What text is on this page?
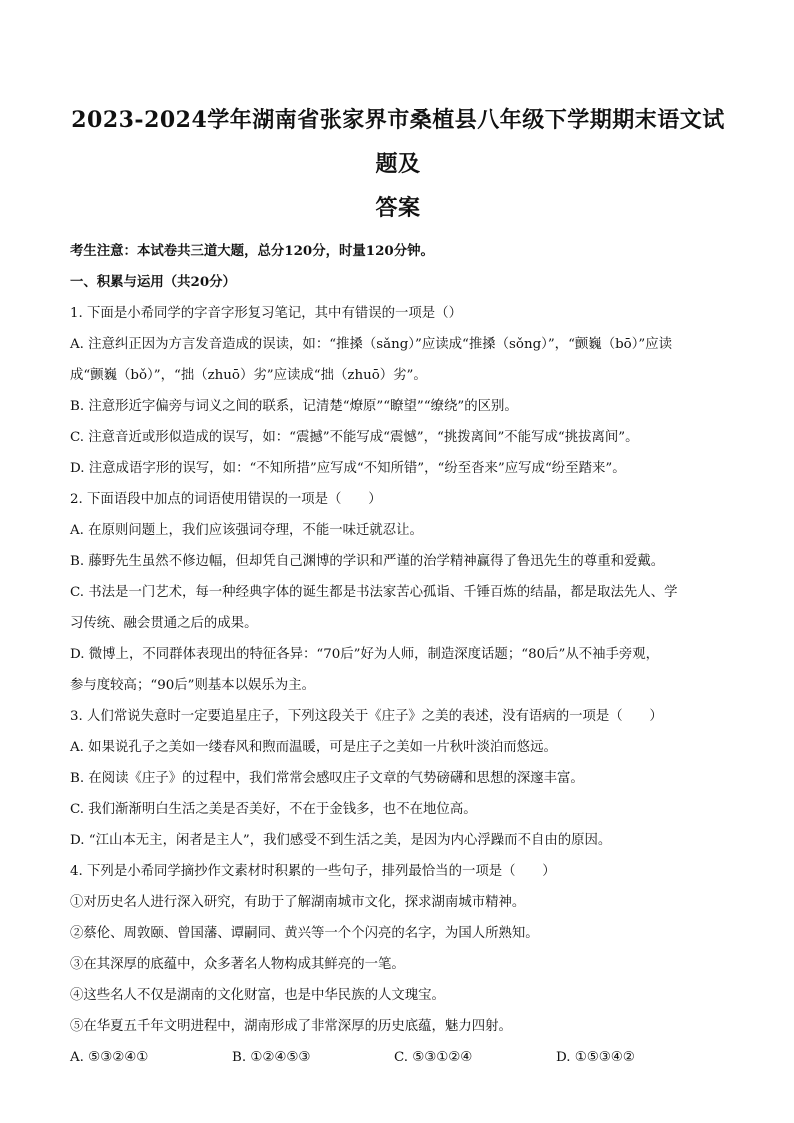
2023-2024学年湖南省张家界市桑植县八年级下学期期末语文试题及
答案
考生注意：本试卷共三道大题，总分120分，时量120分钟。
一、积累与运用（共20分）
1. 下面是小希同学的字音字形复习笔记，其中有错误的一项是（）
A. 注意纠正因为方言发音造成的误读，如：“推搡（sǎng）”应读成“推搡（sǒng）”，“颤巍（bō）”应读
成“颤巍（bǒ）”，“拙（zhuō）劣”应读成“拙（zhuō）劣”。
B. 注意形近字偏旁与词义之间的联系，记清楚“燎原”“瞭望”“缭绕”的区别。
C. 注意音近或形似造成的误写，如：“震撼”不能写成“震憾”，“挑拨离间”不能写成“挑拔离间”。
D. 注意成语字形的误写，如：“不知所措”应写成“不知所错”，“纷至沓来”应写成“纷至踏来”。
2. 下面语段中加点的词语使用错误的一项是（　　）
A. 在原则问题上，我们应该强词夺理，不能一味迁就忍让。
B. 藤野先生虽然不修边幅，但却凭自己渊博的学识和严谨的治学精神赢得了鲁迅先生的尊重和爱戴。
C. 书法是一门艺术，每一种经典字体的诞生都是书法家苦心孤诣、千锤百炼的结晶，都是取法先人、学
习传统、融会贯通之后的成果。
D. 微博上，不同群体表现出的特征各异：“70后”好为人师，制造深度话题；“80后”从不袖手旁观，
参与度较高；“90后”则基本以娱乐为主。
3. 人们常说失意时一定要追星庄子，下列这段关于《庄子》之美的表述，没有语病的一项是（　　）
A. 如果说孔子之美如一缕春风和煦而温暖，可是庄子之美如一片秋叶淡泊而悠远。
B. 在阅读《庄子》的过程中，我们常常会感叹庄子文章的气势磅礴和思想的深邃丰富。
C. 我们渐渐明白生活之美是否美好，不在于金钱多，也不在地位高。
D. “江山本无主，闲者是主人”，我们感受不到生活之美，是因为内心浮躁而不自由的原因。
4. 下列是小希同学摘抄作文素材时积累的一些句子，排列最恰当的一项是（　　）
①对历史名人进行深入研究，有助于了解湖南城市文化，探求湖南城市精神。
②蔡伦、周敦颐、曾国藩、谭嗣同、黄兴等一个个闪亮的名字，为国人所熟知。
③在其深厚的底蕴中，众多著名人物构成其鲜亮的一笔。
④这些名人不仅是湖南的文化财富，也是中华民族的人文瑰宝。
⑤在华夏五千年文明进程中，湖南形成了非常深厚的历史底蕴，魅力四射。
A. ⑤③②④①	B. ①②④⑤③	C. ⑤③①②④	D. ①⑤③④②
